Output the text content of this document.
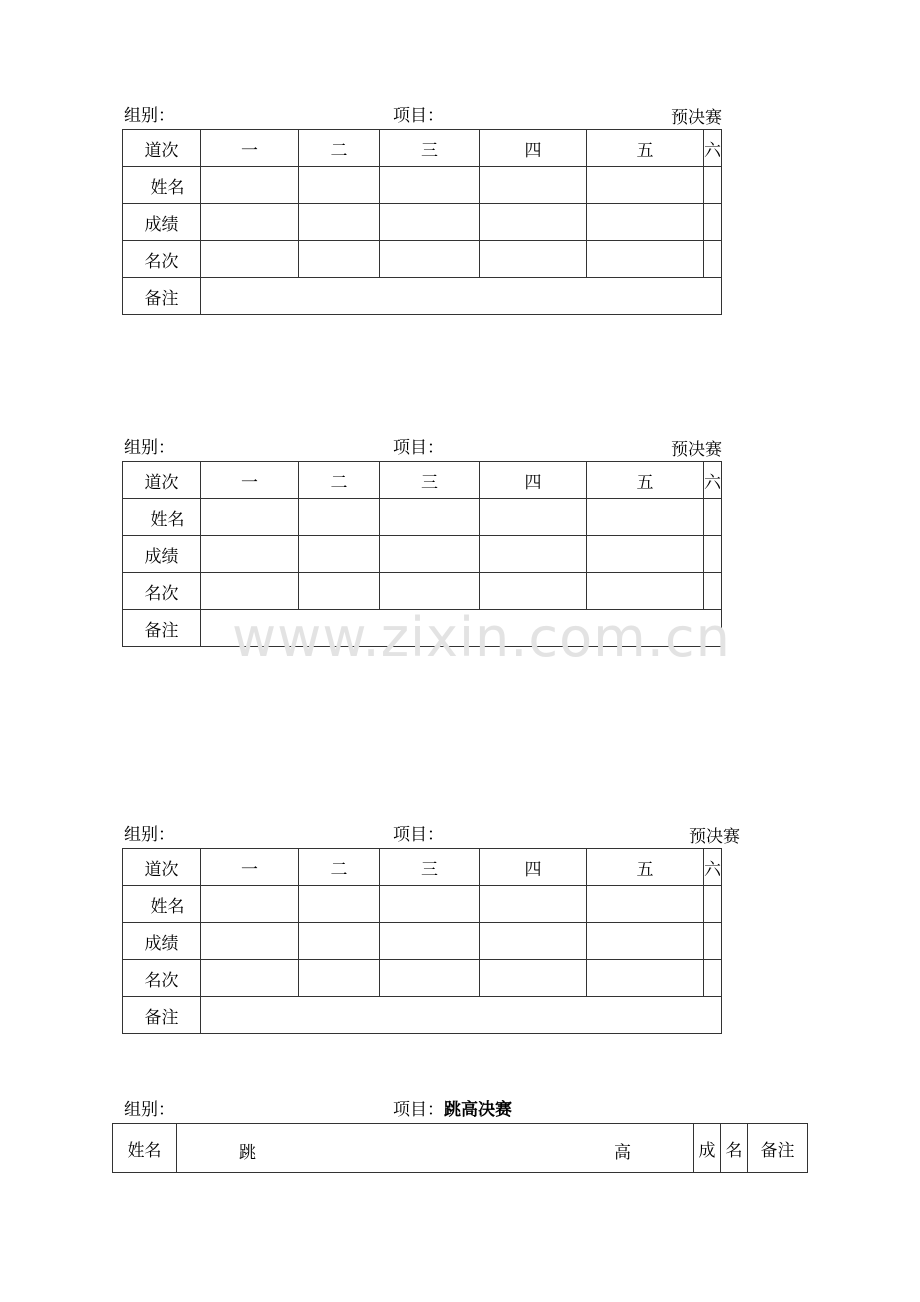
组别：	项目：	预决赛
道次	一	二	三	四	五	六
姓名						
成绩						
名次						
备注						
组别：	项目：	预决赛
道次	一	二	三	四	五	六
姓名						
成绩						
名次						
备注						
组别：	项目：	预决赛
道次	一	二	三	四	五	六
姓名						
成绩						
名次						
备注						
组别：	项目：跳高决赛
姓名	跳	高	成	名	备注
www.zixin.com.cn
